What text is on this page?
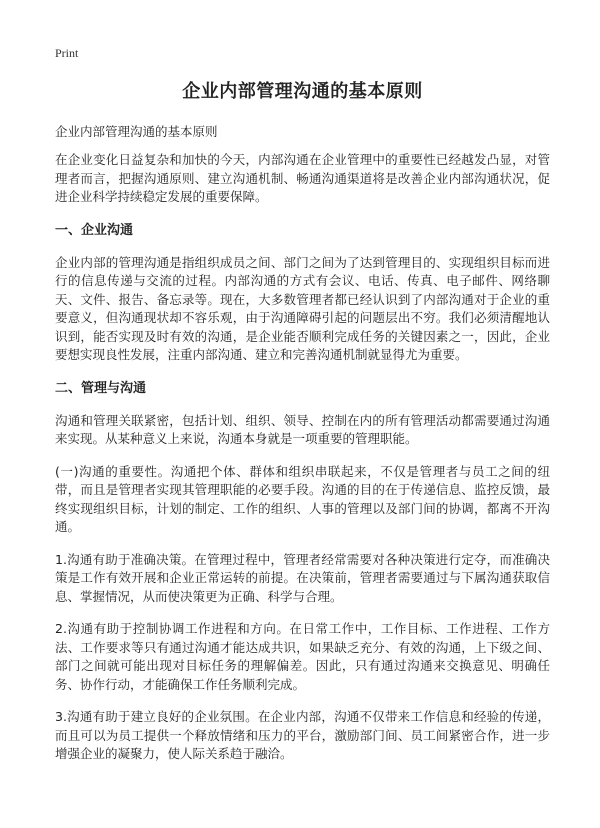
Print
企业内部管理沟通的基本原则
企业内部管理沟通的基本原则

在企业变化日益复杂和加快的今天，内部沟通在企业管理中的重要性已经越发凸显，对管理者而言，把握沟通原则、建立沟通机制、畅通沟通渠道将是改善企业内部沟通状况，促进企业科学持续稳定发展的重要保障。

一、企业沟通

企业内部的管理沟通是指组织成员之间、部门之间为了达到管理目的、实现组织目标而进行的信息传递与交流的过程。内部沟通的方式有会议、电话、传真、电子邮件、网络聊天、文件、报告、备忘录等。现在，大多数管理者都已经认识到了内部沟通对于企业的重要意义，但沟通现状却不容乐观，由于沟通障碍引起的问题层出不穷。我们必须清醒地认识到，能否实现及时有效的沟通，是企业能否顺利完成任务的关键因素之一，因此，企业要想实现良性发展，注重内部沟通、建立和完善沟通机制就显得尤为重要。

二、管理与沟通

沟通和管理关联紧密，包括计划、组织、领导、控制在内的所有管理活动都需要通过沟通来实现。从某种意义上来说，沟通本身就是一项重要的管理职能。

(一)沟通的重要性。沟通把个体、群体和组织串联起来，不仅是管理者与员工之间的纽带，而且是管理者实现其管理职能的必要手段。沟通的目的在于传递信息、监控反馈，最终实现组织目标，计划的制定、工作的组织、人事的管理以及部门间的协调，都离不开沟通。

1.沟通有助于准确决策。在管理过程中，管理者经常需要对各种决策进行定夺，而准确决策是工作有效开展和企业正常运转的前提。在决策前，管理者需要通过与下属沟通获取信息、掌握情况，从而使决策更为正确、科学与合理。

2.沟通有助于控制协调工作进程和方向。在日常工作中，工作目标、工作进程、工作方法、工作要求等只有通过沟通才能达成共识，如果缺乏充分、有效的沟通，上下级之间、部门之间就可能出现对目标任务的理解偏差。因此，只有通过沟通来交换意见、明确任务、协作行动，才能确保工作任务顺利完成。

3.沟通有助于建立良好的企业氛围。在企业内部，沟通不仅带来工作信息和经验的传递，而且可以为员工提供一个释放情绪和压力的平台，激励部门间、员工间紧密合作，进一步增强企业的凝聚力，使人际关系趋于融洽。
